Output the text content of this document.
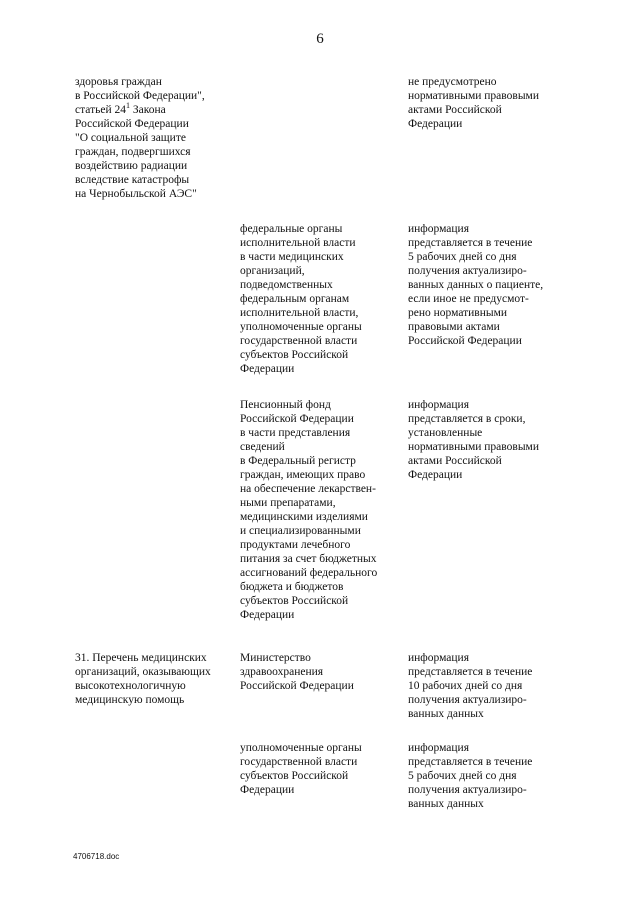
6
здоровья граждан
в Российской Федерации",
статьей $24^1$ Закона
Российской Федерации
"О социальной защите
граждан, подвергшихся
воздействию радиации
вследствие катастрофы
на Чернобыльской АЭС"
не предусмотрено
нормативными правовыми
актами Российской
Федерации
федеральные органы
исполнительной власти
в части медицинских
организаций,
подведомственных
федеральным органам
исполнительной власти,
уполномоченные органы
государственной власти
субъектов Российской
Федерации
информация
представляется в течение
5 рабочих дней со дня
получения актуализиро-
ванных данных о пациенте,
если иное не предусмот-
рено нормативными
правовыми актами
Российской Федерации
Пенсионный фонд
Российской Федерации
в части представления
сведений
в Федеральный регистр
граждан, имеющих право
на обеспечение лекарствен-
ными препаратами,
медицинскими изделиями
и специализированными
продуктами лечебного
питания за счет бюджетных
ассигнований федерального
бюджета и бюджетов
субъектов Российской
Федерации
информация
представляется в сроки,
установленные
нормативными правовыми
актами Российской
Федерации
31. Перечень медицинских
организаций, оказывающих
высокотехнологичную
медицинскую помощь
Министерство
здравоохранения
Российской Федерации
информация
представляется в течение
10 рабочих дней со дня
получения актуализиро-
ванных данных
уполномоченные органы
государственной власти
субъектов Российской
Федерации
информация
представляется в течение
5 рабочих дней со дня
получения актуализиро-
ванных данных
4706718.doc
